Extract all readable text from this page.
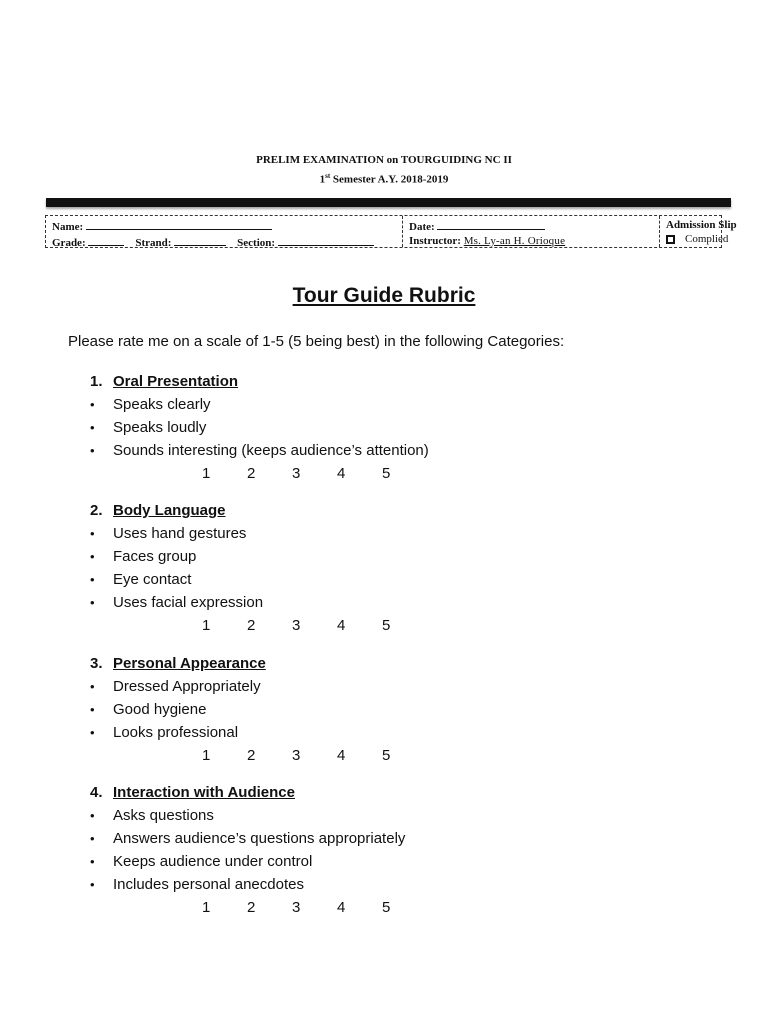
PRELIM EXAMINATION on TOURGUIDING NC II
1st Semester A.Y. 2018-2019
Name:
Grade:	Strand:	Section:
Date:
Instructor: Ms. Ly-an H. Orioque
Admission Slip
Complied
Tour Guide Rubric
Please rate me on a scale of 1-5 (5 being best) in the following Categories:
1. Oral Presentation
•	Speaks clearly
•	Speaks loudly
•	Sounds interesting (keeps audience’s attention)
1	2	3	4	5
2. Body Language
•	Uses hand gestures
•	Faces group
•	Eye contact
•	Uses facial expression
1	2	3	4	5
3. Personal Appearance
•	Dressed Appropriately
•	Good hygiene
•	Looks professional
1	2	3	4	5
4. Interaction with Audience
•	Asks questions
•	Answers audience’s questions appropriately
•	Keeps audience under control
•	Includes personal anecdotes
1	2	3	4	5
